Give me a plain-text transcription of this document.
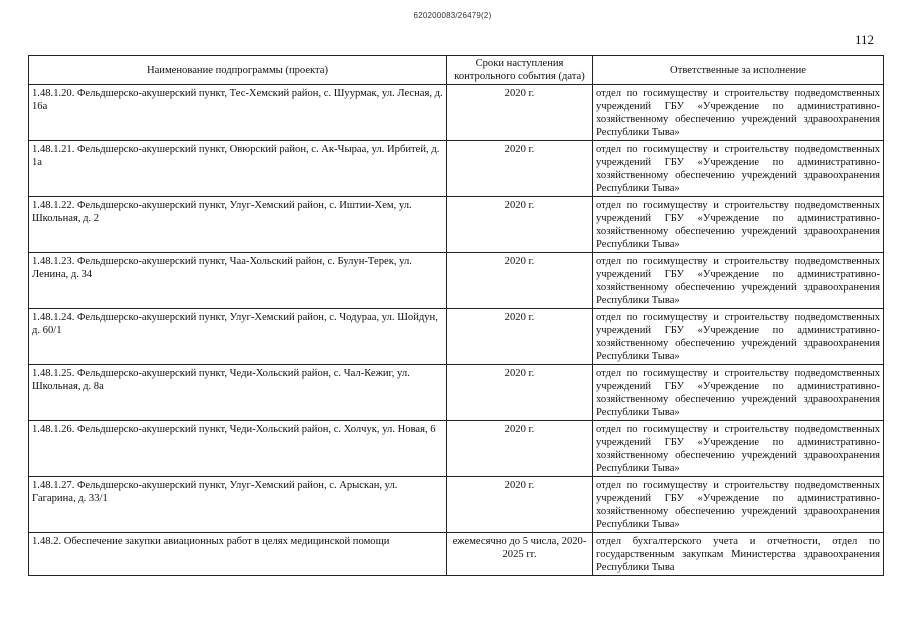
620200083/26479(2)
112
Наименование подпрограммы (проекта)	Сроки наступления контрольного события (дата)	Ответственные за исполнение
1.48.1.20. Фельдшерско-акушерский пункт, Тес-Хемский район, с. Шуурмак, ул. Лесная, д. 16а	2020 г.	отдел по госимуществу и строительству подведомственных учреждений ГБУ «Учреждение по административно-хозяйственному обеспечению учреждений здравоохранения Республики Тыва»
1.48.1.21. Фельдшерско-акушерский пункт, Овюрский район, с. Ак-Чыраа, ул. Ирбитей, д. 1а	2020 г.	отдел по госимуществу и строительству подведомственных учреждений ГБУ «Учреждение по административно-хозяйственному обеспечению учреждений здравоохранения Республики Тыва»
1.48.1.22. Фельдшерско-акушерский пункт, Улуг-Хемский район, с. Иштии-Хем, ул. Школьная, д. 2	2020 г.	отдел по госимуществу и строительству подведомственных учреждений ГБУ «Учреждение по административно-хозяйственному обеспечению учреждений здравоохранения Республики Тыва»
1.48.1.23. Фельдшерско-акушерский пункт, Чаа-Хольский район, с. Булун-Терек, ул. Ленина, д. 34	2020 г.	отдел по госимуществу и строительству подведомственных учреждений ГБУ «Учреждение по административно-хозяйственному обеспечению учреждений здравоохранения Республики Тыва»
1.48.1.24. Фельдшерско-акушерский пункт, Улуг-Хемский район, с. Чодураа, ул. Шойдун, д. 60/1	2020 г.	отдел по госимуществу и строительству подведомственных учреждений ГБУ «Учреждение по административно-хозяйственному обеспечению учреждений здравоохранения Республики Тыва»
1.48.1.25. Фельдшерско-акушерский пункт, Чеди-Хольский район, с. Чал-Кежиг, ул. Школьная, д. 8а	2020 г.	отдел по госимуществу и строительству подведомственных учреждений ГБУ «Учреждение по административно-хозяйственному обеспечению учреждений здравоохранения Республики Тыва»
1.48.1.26. Фельдшерско-акушерский пункт, Чеди-Хольский район, с. Холчук, ул. Новая, 6	2020 г.	отдел по госимуществу и строительству подведомственных учреждений ГБУ «Учреждение по административно-хозяйственному обеспечению учреждений здравоохранения Республики Тыва»
1.48.1.27. Фельдшерско-акушерский пункт, Улуг-Хемский район, с. Арыскан, ул. Гагарина, д. 33/1	2020 г.	отдел по госимуществу и строительству подведомственных учреждений ГБУ «Учреждение по административно-хозяйственному обеспечению учреждений здравоохранения Республики Тыва»
1.48.2. Обеспечение закупки авиационных работ в целях медицинской помощи	ежемесячно до 5 числа, 2020-2025 гг.	отдел бухгалтерского учета и отчетности, отдел по государственным закупкам Министерства здравоохранения Республики Тыва
